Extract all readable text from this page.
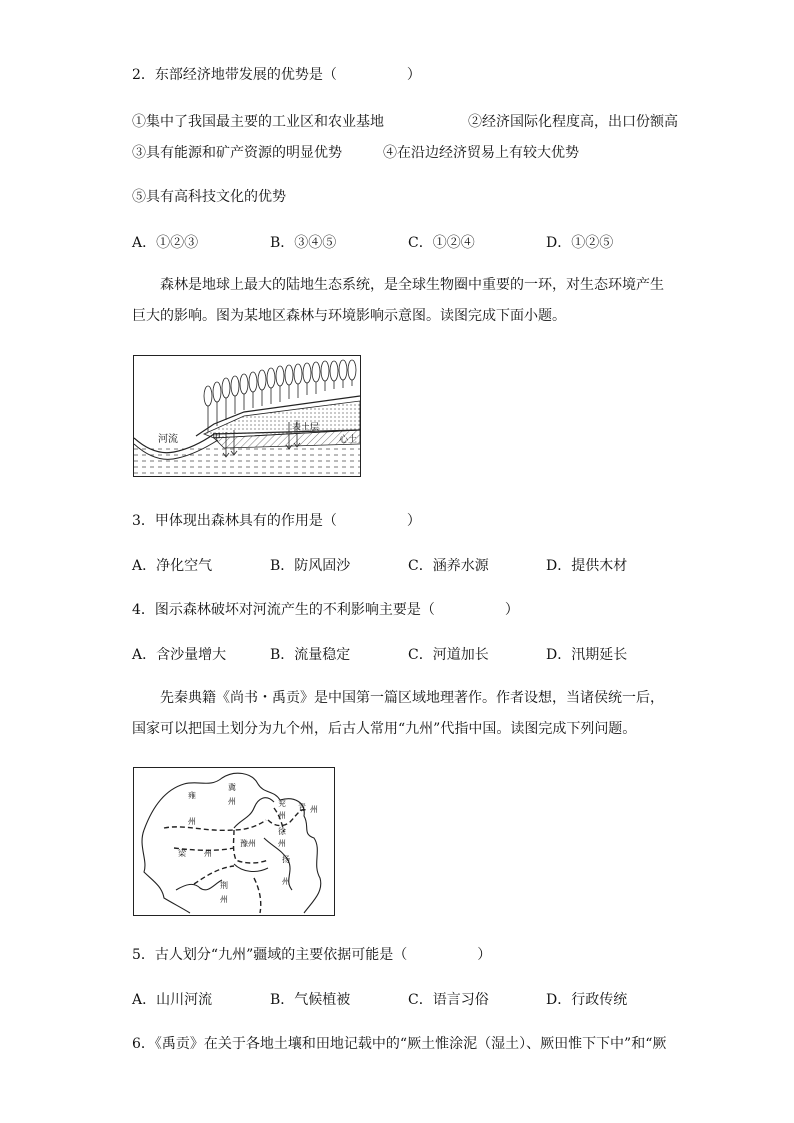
2．东部经济地带发展的优势是（　　　　　）
①集中了我国最主要的工业区和农业基地	②经济国际化程度高，出口份额高
③具有能源和矿产资源的明显优势	④在沿边经济贸易上有较大优势
⑤具有高科技文化的优势
A．①②③	B．③④⑤	C．①②④	D．①②⑤
森林是地球上最大的陆地生态系统，是全球生物圈中重要的一环，对生态环境产生巨大的影响。图为某地区森林与环境影响示意图。读图完成下面小题。
河流	甲
表土层
心土
3．甲体现出森林具有的作用是（　　　　　）
A．净化空气	B．防风固沙	C．涵养水源	D．提供木材
4．图示森林破坏对河流产生的不利影响主要是（　　　　　）
A．含沙量增大	B．流量稳定	C．河道加长	D．汛期延长
先秦典籍《尚书・禹贡》是中国第一篇区域地理著作。作者设想，当诸侯统一后，国家可以把国土划分为九个州，后古人常用“九州”代指中国。读图完成下列问题。
冀
州
雍
州
兖
州
青 州
徐
州
豫州
梁 州
扬
州
荆
州
5．古人划分“九州”疆域的主要依据可能是（　　　　　）
A．山川河流	B．气候植被	C．语言习俗	D．行政传统
6．《禹贡》在关于各地土壤和田地记载中的“厥土惟涂泥（湿土）、厥田惟下下中”和“厥
